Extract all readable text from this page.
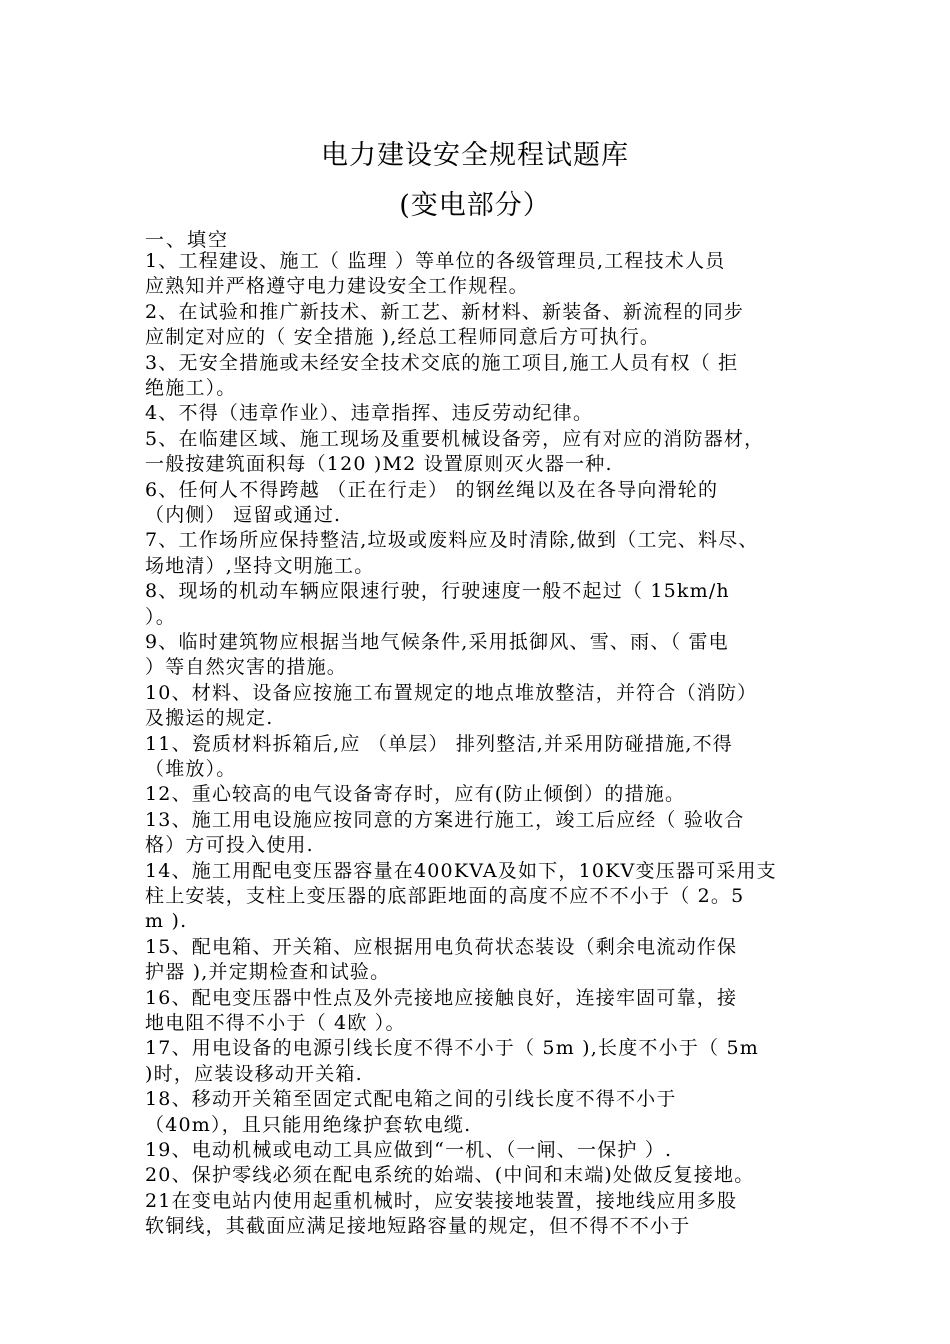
电力建设安全规程试题库
(变电部分）
一、填空
1、工程建设、施工（ 监理 ）等单位的各级管理员,工程技术人员
应熟知并严格遵守电力建设安全工作规程。
2、在试验和推广新技术、新工艺、新材料、新装备、新流程的同步
应制定对应的（ 安全措施 ),经总工程师同意后方可执行。
3、无安全措施或未经安全技术交底的施工项目,施工人员有权（ 拒
绝施工）。
4、不得（违章作业）、违章指挥、违反劳动纪律。
5、在临建区域、施工现场及重要机械设备旁，应有对应的消防器材，
一般按建筑面积每（120 )M2 设置原则灭火器一种.
6、任何人不得跨越 （正在行走） 的钢丝绳以及在各导向滑轮的
（内侧） 逗留或通过.
7、工作场所应保持整洁,垃圾或废料应及时清除,做到（工完、料尽、
场地清）,坚持文明施工。
8、现场的机动车辆应限速行驶，行驶速度一般不起过（ 15km/h
）。
9、临时建筑物应根据当地气候条件,采用抵御风、雪、雨、（ 雷电
）等自然灾害的措施。
10、材料、设备应按施工布置规定的地点堆放整洁，并符合（消防）
及搬运的规定.
11、瓷质材料拆箱后,应 （单层） 排列整洁,并采用防碰措施,不得
（堆放）。
12、重心较高的电气设备寄存时，应有(防止倾倒）的措施。
13、施工用电设施应按同意的方案进行施工，竣工后应经（ 验收合
格）方可投入使用.
14、施工用配电变压器容量在400KVA及如下，10KV变压器可采用支
柱上安装，支柱上变压器的底部距地面的高度不应不不小于（ 2。5
m ).
15、配电箱、开关箱、应根据用电负荷状态装设（剩余电流动作保
护器 ),并定期检查和试验。
16、配电变压器中性点及外壳接地应接触良好，连接牢固可靠，接
地电阻不得不小于（ 4欧 ）。
17、用电设备的电源引线长度不得不小于（ 5m ),长度不小于（ 5m
)时，应装设移动开关箱.
18、移动开关箱至固定式配电箱之间的引线长度不得不小于
（40m），且只能用绝缘护套软电缆.
19、电动机械或电动工具应做到“一机、（一闸、一保护 ）.
20、保护零线必须在配电系统的始端、(中间和末端)处做反复接地。
21在变电站内使用起重机械时，应安装接地装置，接地线应用多股
软铜线，其截面应满足接地短路容量的规定，但不得不不小于
